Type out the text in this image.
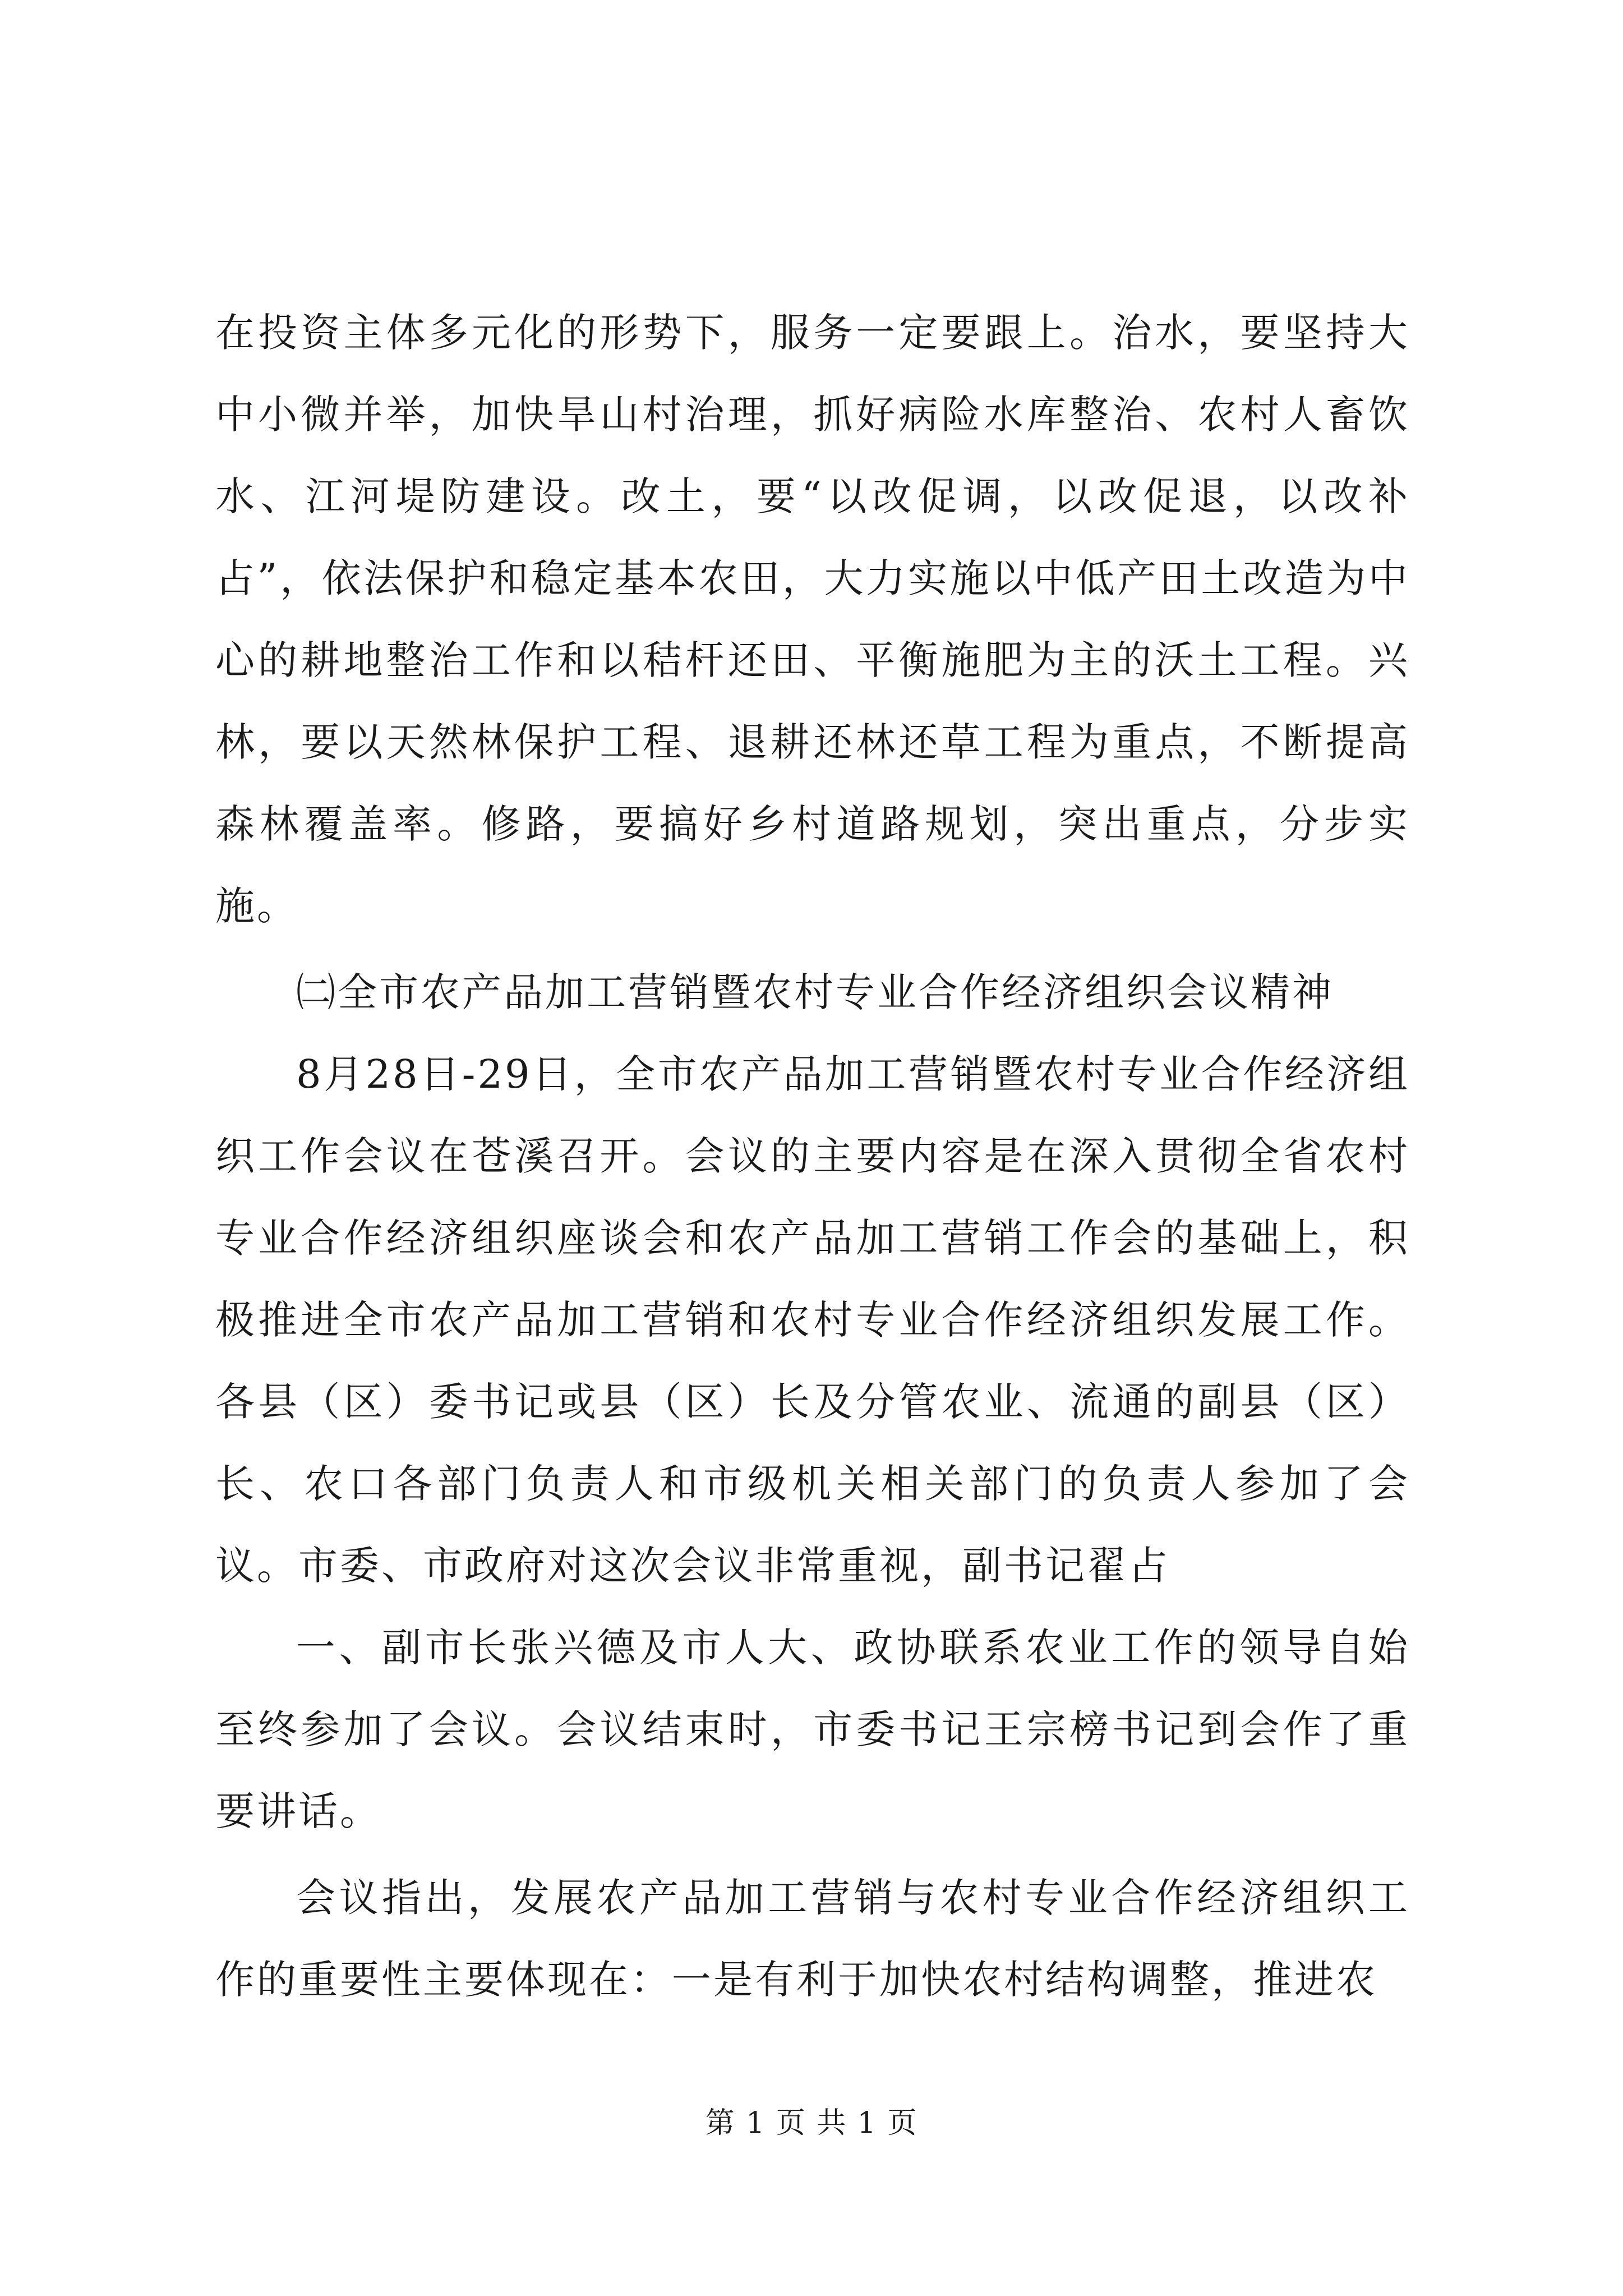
在投资主体多元化的形势下，服务一定要跟上。治水，要坚持大中小微并举，加快旱山村治理，抓好病险水库整治、农村人畜饮水、江河堤防建设。改土，要“以改促调，以改促退，以改补占”，依法保护和稳定基本农田，大力实施以中低产田土改造为中心的耕地整治工作和以秸杆还田、平衡施肥为主的沃土工程。兴林，要以天然林保护工程、退耕还林还草工程为重点，不断提高森林覆盖率。修路，要搞好乡村道路规划，突出重点，分步实施。

㈡全市农产品加工营销暨农村专业合作经济组织会议精神

8月28日-29日，全市农产品加工营销暨农村专业合作经济组织工作会议在苍溪召开。会议的主要内容是在深入贯彻全省农村专业合作经济组织座谈会和农产品加工营销工作会的基础上，积极推进全市农产品加工营销和农村专业合作经济组织发展工作。各县（区）委书记或县（区）长及分管农业、流通的副县（区）长、农口各部门负责人和市级机关相关部门的负责人参加了会议。市委、市政府对这次会议非常重视，副书记翟占

一、副市长张兴德及市人大、政协联系农业工作的领导自始至终参加了会议。会议结束时，市委书记王宗榜书记到会作了重要讲话。

会议指出，发展农产品加工营销与农村专业合作经济组织工作的重要性主要体现在：一是有利于加快农村结构调整，推进农

第 1 页 共 1 页
